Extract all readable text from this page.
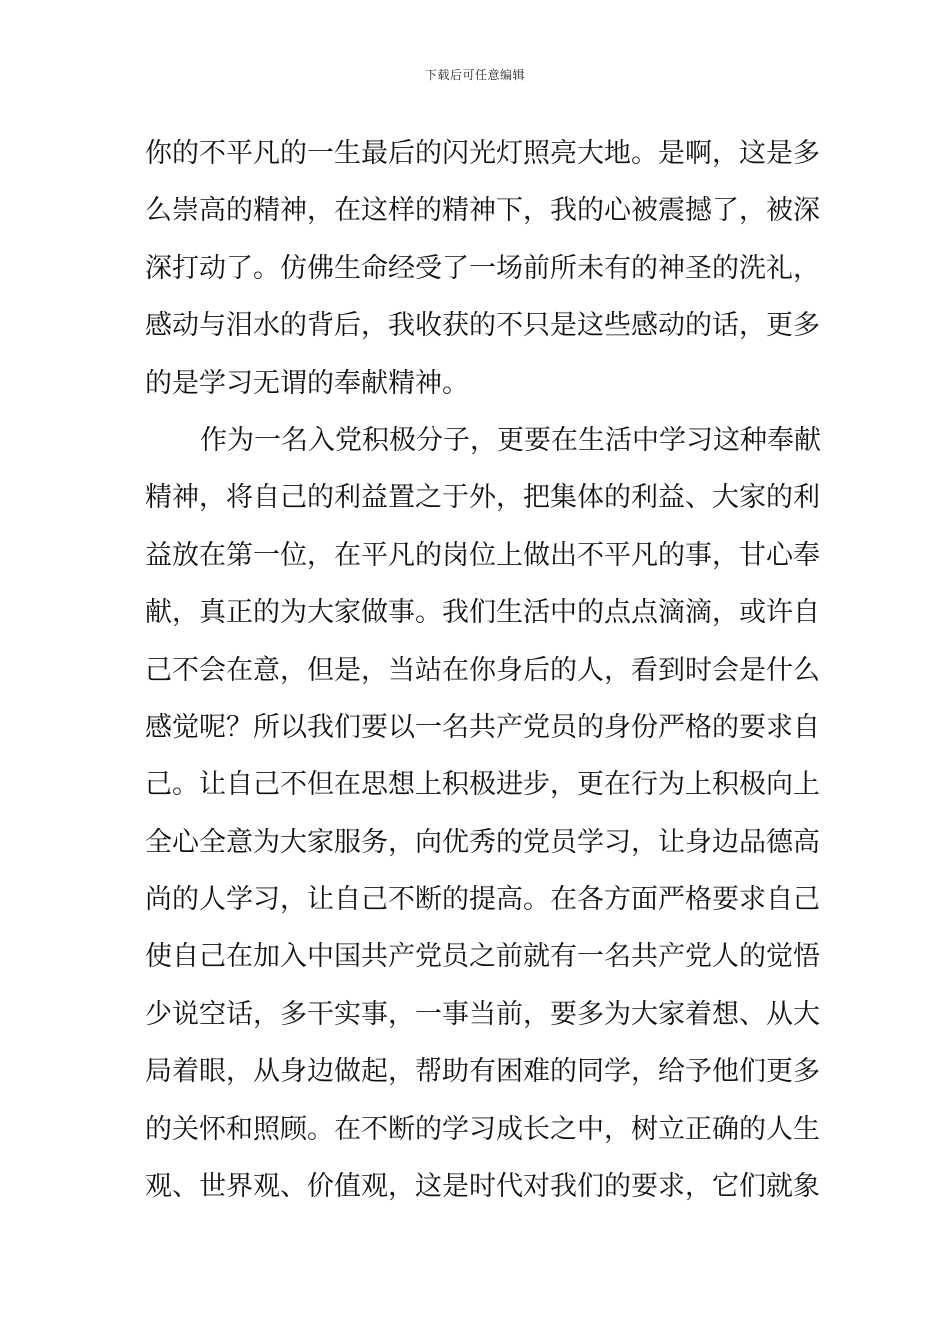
下载后可任意编辑
你的不平凡的一生最后的闪光灯照亮大地。是啊，这是多
么崇高的精神，在这样的精神下，我的心被震撼了，被深
深打动了。仿佛生命经受了一场前所未有的神圣的洗礼，
感动与泪水的背后，我收获的不只是这些感动的话，更多
的是学习无谓的奉献精神。
作为一名入党积极分子，更要在生活中学习这种奉献
精神，将自己的利益置之于外，把集体的利益、大家的利
益放在第一位，在平凡的岗位上做出不平凡的事，甘心奉
献，真正的为大家做事。我们生活中的点点滴滴，或许自
己不会在意，但是，当站在你身后的人，看到时会是什么
感觉呢？所以我们要以一名共产党员的身份严格的要求自
己。让自己不但在思想上积极进步，更在行为上积极向上
全心全意为大家服务，向优秀的党员学习，让身边品德高
尚的人学习，让自己不断的提高。在各方面严格要求自己
使自己在加入中国共产党员之前就有一名共产党人的觉悟
少说空话，多干实事，一事当前，要多为大家着想、从大
局着眼，从身边做起，帮助有困难的同学，给予他们更多
的关怀和照顾。在不断的学习成长之中，树立正确的人生
观、世界观、价值观，这是时代对我们的要求，它们就象
